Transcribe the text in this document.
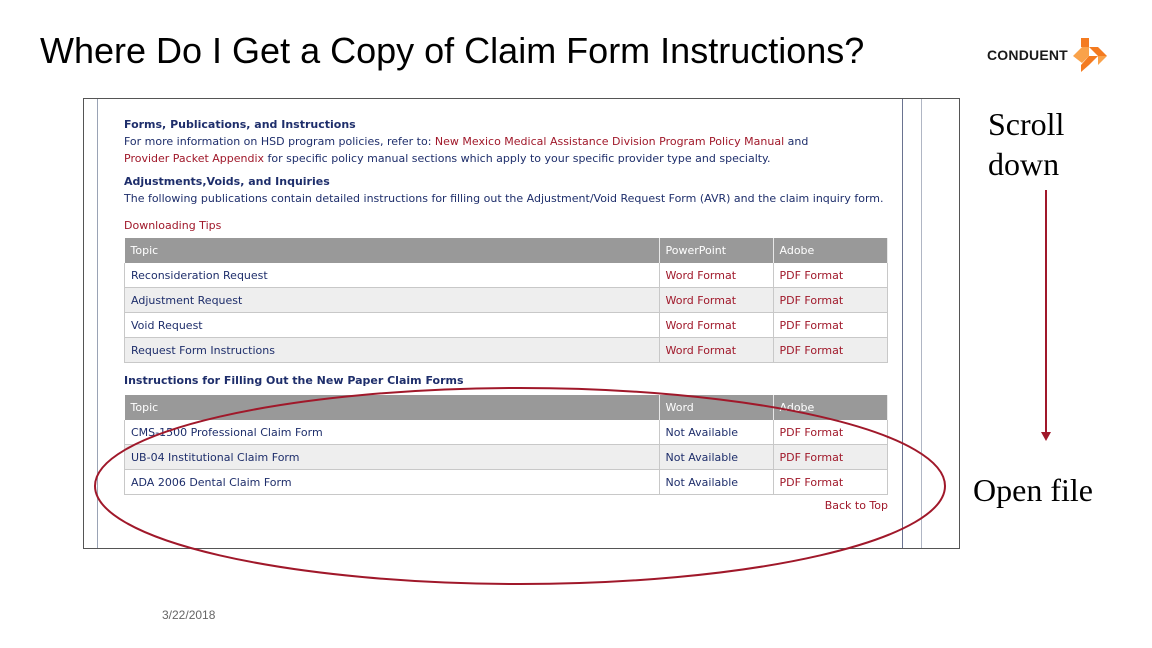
Where Do I Get a Copy of Claim Form Instructions?	CONDUENT
Forms, Publications, and Instructions

For more information on HSD program policies, refer to: New Mexico Medical Assistance Division Program Policy Manual and
Provider Packet Appendix for specific policy manual sections which apply to your specific provider type and specialty.

Adjustments,Voids, and Inquiries

The following publications contain detailed instructions for filling out the Adjustment/Void Request Form (AVR) and the claim inquiry form.

Downloading Tips
Topic	PowerPoint	Adobe
Reconsideration Request	Word Format	PDF Format
Adjustment Request	Word Format	PDF Format
Void Request	Word Format	PDF Format
Request Form Instructions	Word Format	PDF Format
Instructions for Filling Out the New Paper Claim Forms
Topic	Word	Adobe
CMS-1500 Professional Claim Form	Not Available	PDF Format
UB-04 Institutional Claim Form	Not Available	PDF Format
ADA 2006 Dental Claim Form	Not Available	PDF Format
Back to Top
Scroll
down
Open file
3/22/2018
